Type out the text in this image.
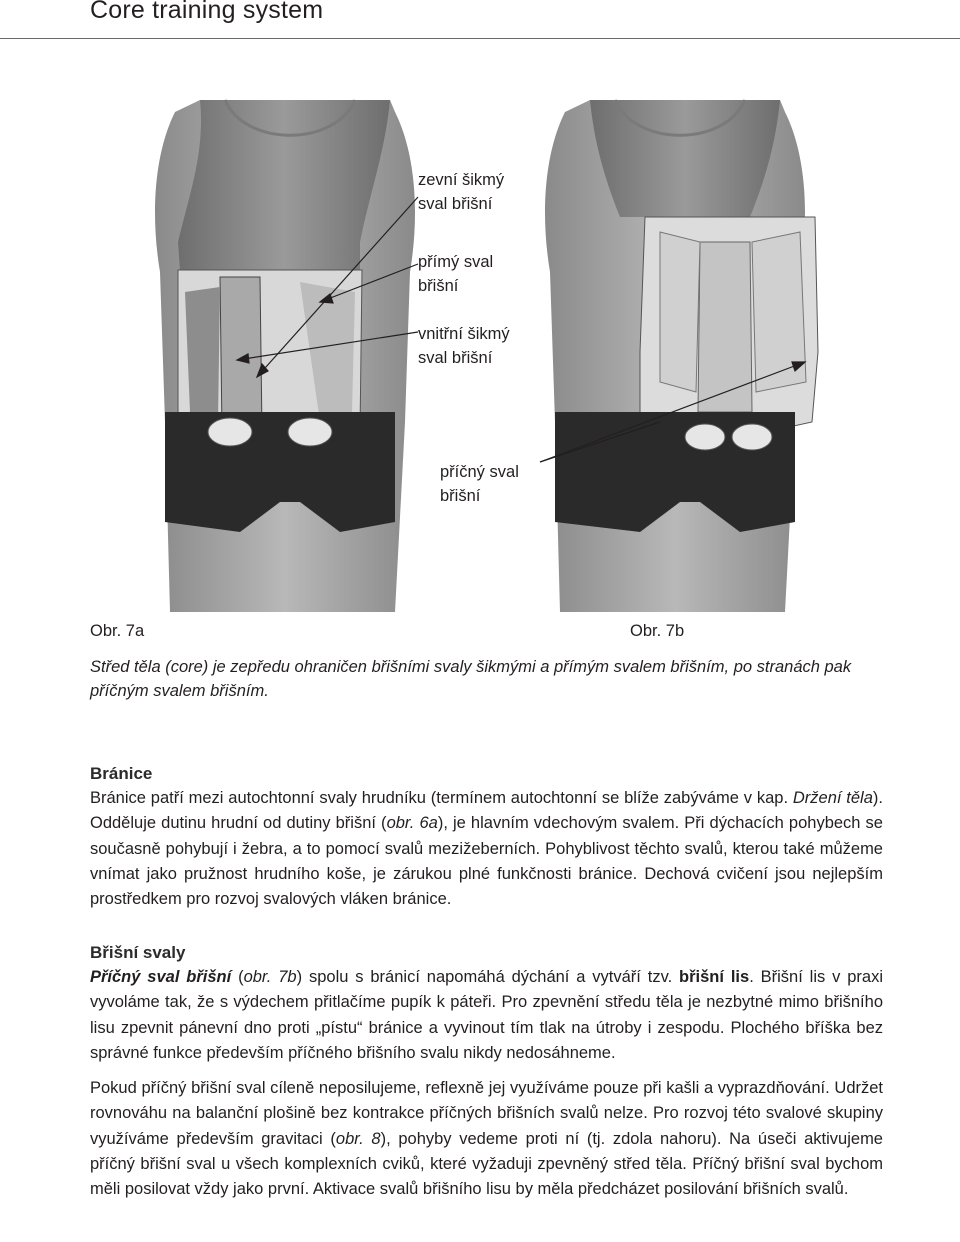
Core training system
zevní šikmý
sval břišní
přímý sval
břišní
vnitřní šikmý
sval břišní
příčný sval
břišní
Obr. 7a	Obr. 7b
Střed těla (core) je zepředu ohraničen břišními svaly šikmými a přímým svalem břišním, po stranách pak příčným svalem břišním.
Bránice

Bránice patří mezi autochtonní svaly hrudníku (termínem autochtonní se blíže zabýváme v kap. Držení těla). Odděluje dutinu hrudní od dutiny břišní (obr. 6a), je hlavním vdechovým svalem. Při dýchacích pohybech se současně pohybují i žebra, a to pomocí svalů mezižeberních. Pohyblivost těchto svalů, kterou také můžeme vnímat jako pružnost hrudního koše, je zárukou plné funkčnosti bránice. Dechová cvičení jsou nejlepším prostředkem pro rozvoj svalových vláken bránice.

Břišní svaly

Příčný sval břišní (obr. 7b) spolu s bránicí napomáhá dýchání a vytváří tzv. břišní lis. Břišní lis v praxi vyvoláme tak, že s výdechem přitlačíme pupík k páteři. Pro zpevnění středu těla je nezbytné mimo břišního lisu zpevnit pánevní dno proti „pístu“ bránice a vyvinout tím tlak na útroby i zespodu. Plochého bříška bez správné funkce především příčného břišního svalu nikdy nedosáhneme.

Pokud příčný břišní sval cíleně neposilujeme, reflexně jej využíváme pouze při kašli a vyprazdňování. Udržet rovnováhu na balanční plošině bez kontrakce příčných břišních svalů nelze. Pro rozvoj této svalové skupiny využíváme především gravitaci (obr. 8), pohyby vedeme proti ní (tj. zdola nahoru). Na úseči aktivujeme příčný břišní sval u všech komplexních cviků, které vyžaduji zpevněný střed těla. Příčný břišní sval bychom měli posilovat vždy jako první. Aktivace svalů břišního lisu by měla předcházet posilování břišních svalů.
